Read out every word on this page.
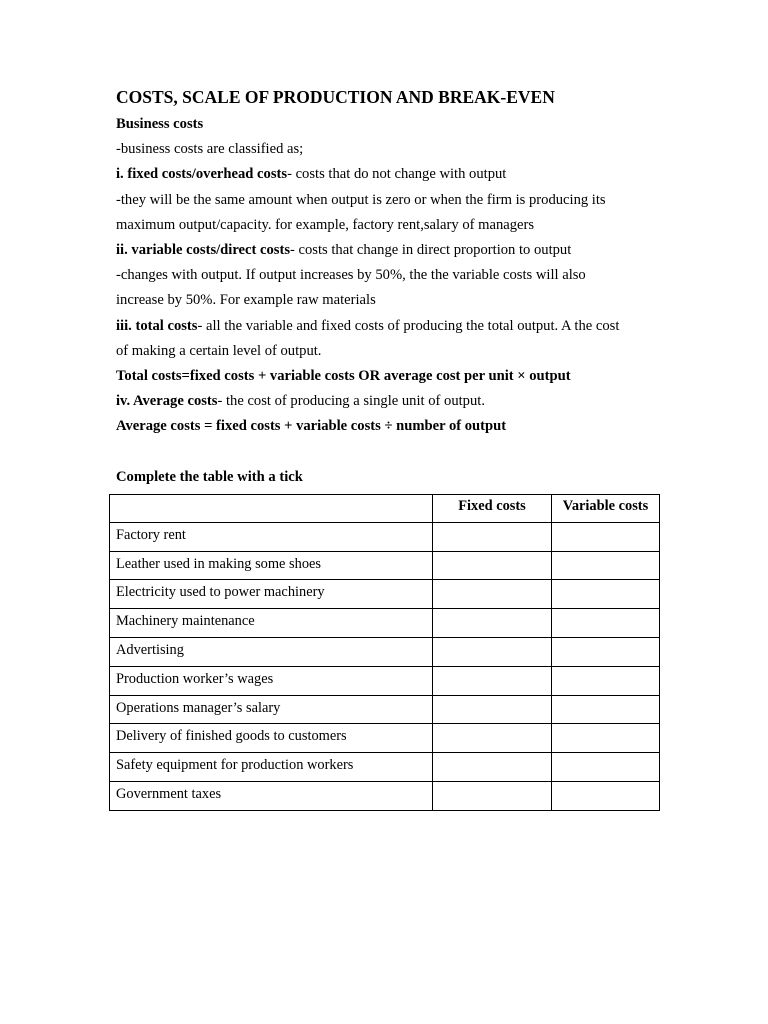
COSTS, SCALE OF PRODUCTION AND BREAK-EVEN

Business costs

-business costs are classified as;

i. fixed costs/overhead costs- costs that do not change with output

-they will be the same amount when output is zero or when the firm is producing its

maximum output/capacity. for example, factory rent,salary of managers

ii. variable costs/direct costs- costs that change in direct proportion to output

-changes with output. If output increases by 50%, the the variable costs will also

increase by 50%. For example raw materials

iii. total costs- all the variable and fixed costs of producing the total output. A the cost

of making a certain level of output.

Total costs=fixed costs + variable costs OR average cost per unit × output

iv. Average costs- the cost of producing a single unit of output.

Average costs = fixed costs + variable costs ÷ number of output

Complete the table with a tick

	Fixed costs	Variable costs
Factory rent		
Leather used in making some shoes		
Electricity used to power machinery		
Machinery maintenance		
Advertising		
Production worker’s wages		
Operations manager’s salary		
Delivery of finished goods to customers		
Safety equipment for production workers		
Government taxes		
